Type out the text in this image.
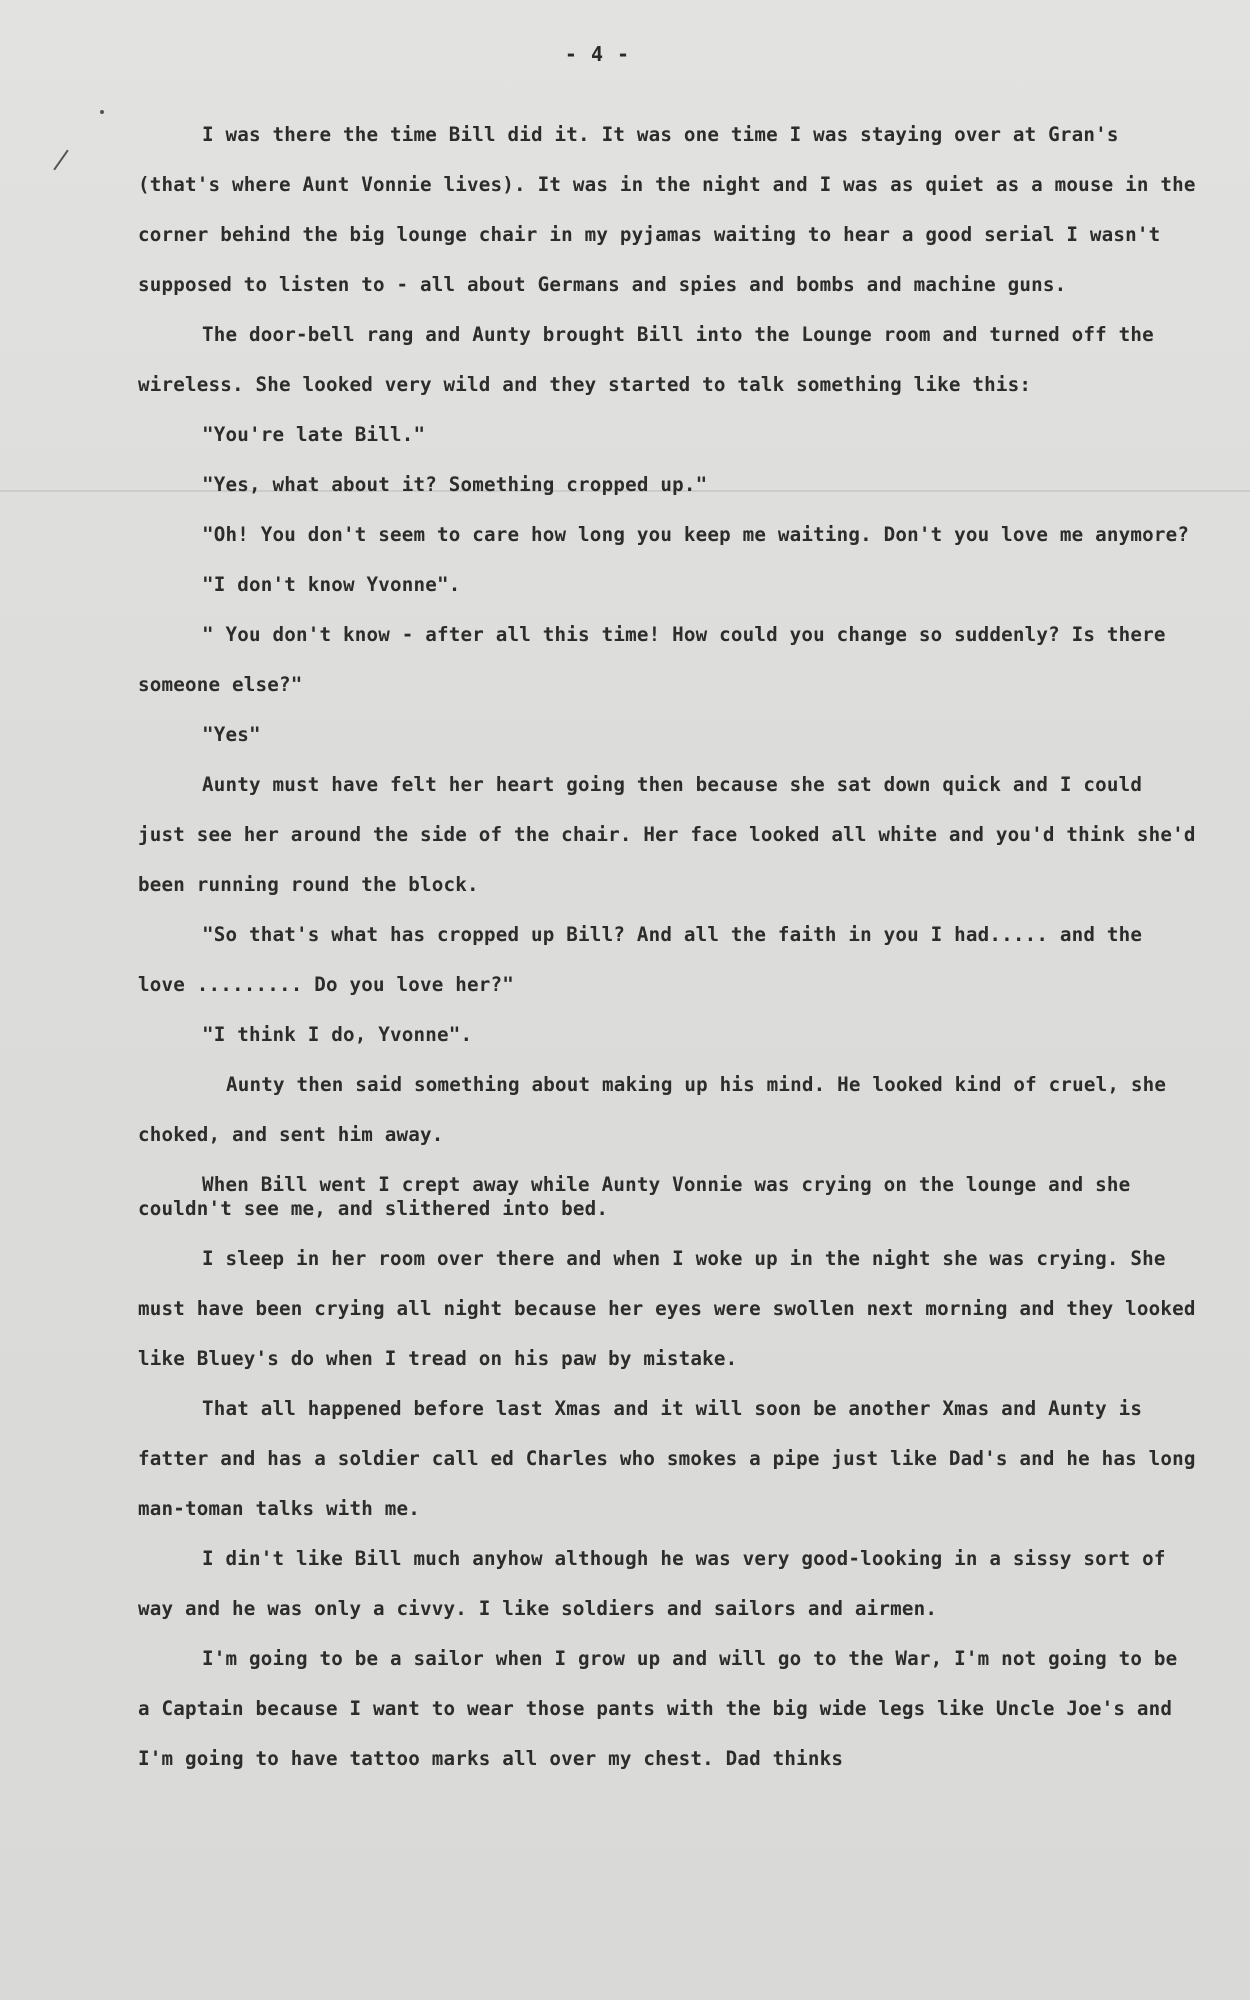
- 4 -

I was there the time Bill did it. It was one time I was staying over at Gran's (that's where Aunt Vonnie lives). It was in the night and I was as quiet as a mouse in the corner behind the big lounge chair in my pyjamas waiting to hear a good serial I wasn't supposed to listen to - all about Germans and spies and bombs and machine guns.

The door-bell rang and Aunty brought Bill into the Lounge room and turned off the wireless. She looked very wild and they started to talk something like this:

"You're late Bill."

"Yes, what about it? Something cropped up."

"Oh! You don't seem to care how long you keep me waiting. Don't you love me anymore?

"I don't know Yvonne".

" You don't know - after all this time! How could you change so suddenly? Is there someone else?"

"Yes"

Aunty must have felt her heart going then because she sat down quick and I could just see her around the side of the chair. Her face looked all white and you'd think she'd been running round the block.

"So that's what has cropped up Bill? And all the faith in you I had..... and the love ......... Do you love her?"

"I think I do, Yvonne".

Aunty then said something about making up his mind. He looked kind of cruel, she choked, and sent him away.

When Bill went I crept away while Aunty Vonnie was crying on the lounge and she couldn't see me, and slithered into bed.

I sleep in her room over there and when I woke up in the night she was crying. She must have been crying all night because her eyes were swollen next morning and they looked like Bluey's do when I tread on his paw by mistake.

That all happened before last Xmas and it will soon be another Xmas and Aunty is fatter and has a soldier call ed Charles who smokes a pipe just like Dad's and he has long man-toman talks with me.

I din't like Bill much anyhow although he was very good-looking in a sissy sort of way and he was only a civvy. I like soldiers and sailors and airmen.

I'm going to be a sailor when I grow up and will go to the War, I'm not going to be a Captain because I want to wear those pants with the big wide legs like Uncle Joe's and I'm going to have tattoo marks all over my chest. Dad thinks
